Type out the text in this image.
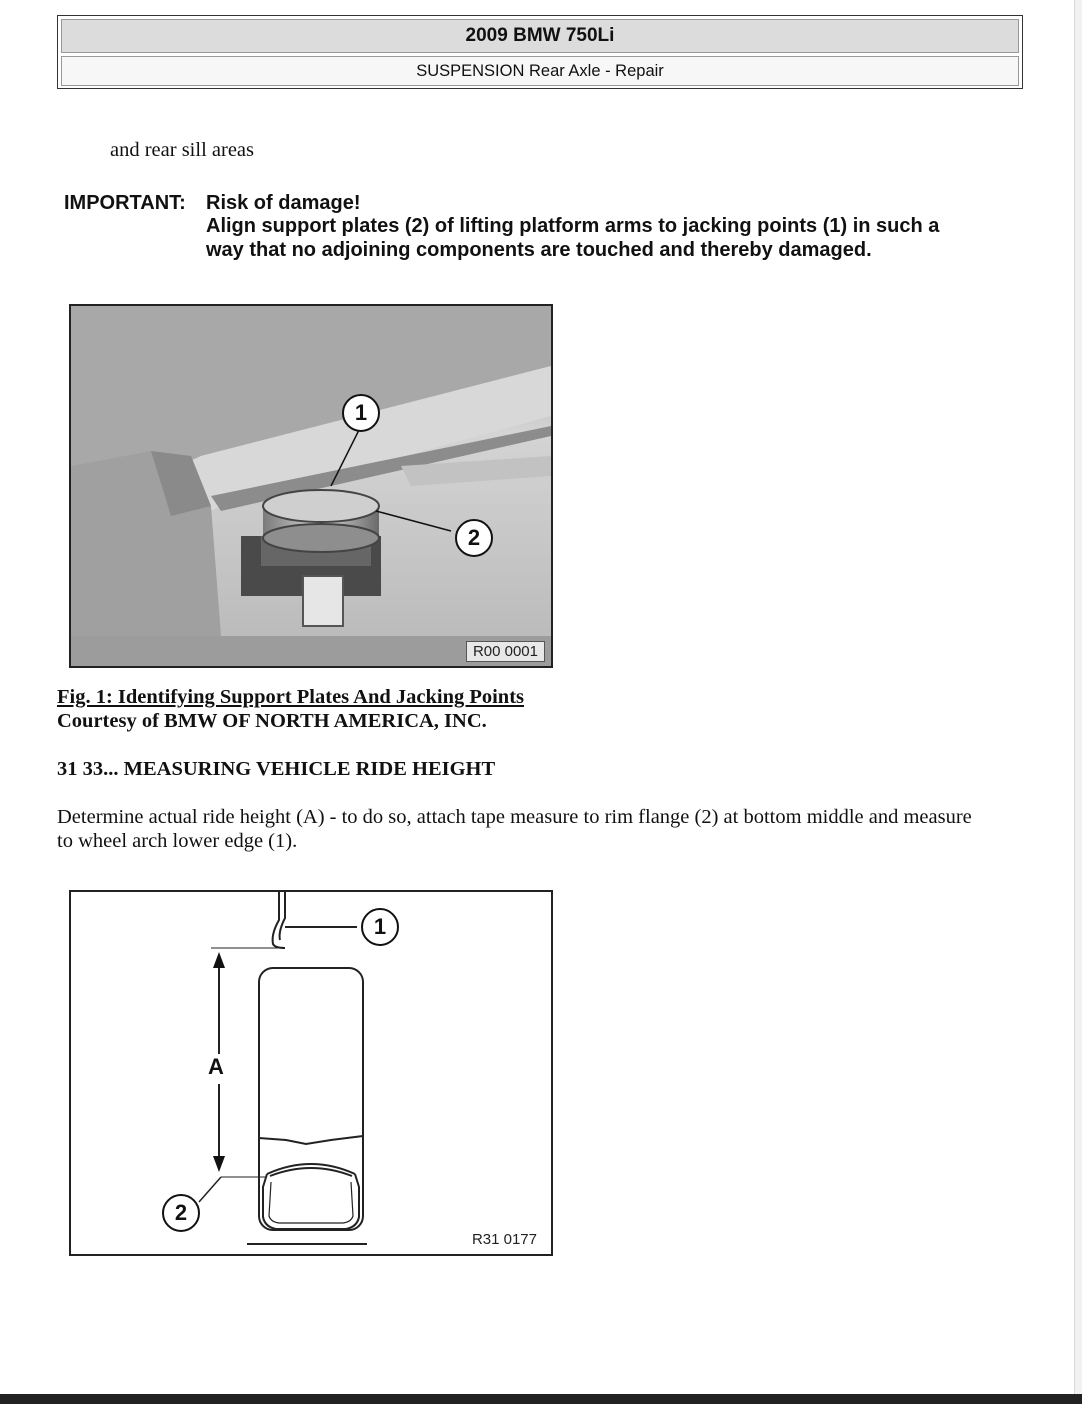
2009 BMW 750Li
SUSPENSION Rear Axle - Repair
and rear sill areas
IMPORTANT: Risk of damage!
Align support plates (2) of lifting platform arms to jacking points (1) in such a
way that no adjoining components are touched and thereby damaged.
1
2
R00 0001
Fig. 1: Identifying Support Plates And Jacking Points
Courtesy of BMW OF NORTH AMERICA, INC.
31 33... MEASURING VEHICLE RIDE HEIGHT
Determine actual ride height (A) - to do so, attach tape measure to rim flange (2) at bottom middle and measure
to wheel arch lower edge (1).
1
2
A
R31 0177
